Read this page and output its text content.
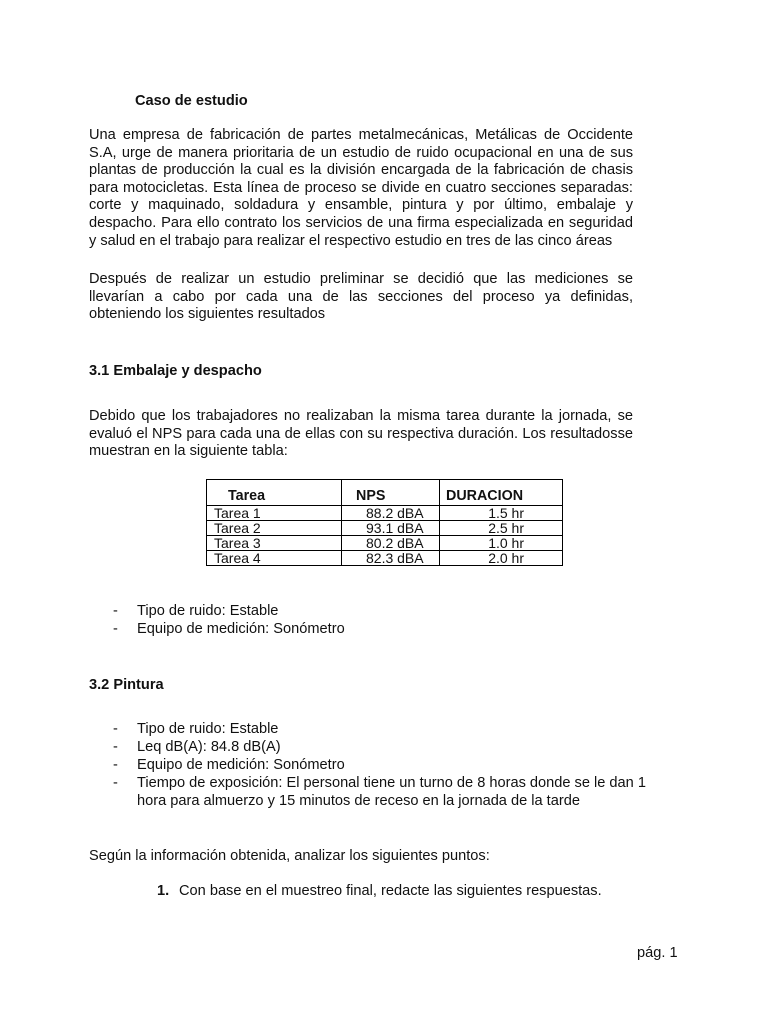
Caso de estudio
Una empresa de fabricación de partes metalmecánicas, Metálicas de Occidente S.A, urge de manera prioritaria de un estudio de ruido ocupacional en una de sus plantas de producción la cual es la división encargada de la fabricación de chasis para motocicletas. Esta línea de proceso se divide en cuatro secciones separadas: corte y maquinado, soldadura y ensamble, pintura y por último, embalaje y despacho. Para ello contrato los servicios de una firma especializada en seguridad y salud en el trabajo para realizar el respectivo estudio en tres de las cinco áreas
Después de realizar un estudio preliminar se decidió que las mediciones se llevarían a cabo por cada una de las secciones del proceso ya definidas, obteniendo los siguientes resultados
3.1 Embalaje y despacho
Debido que los trabajadores no realizaban la misma tarea durante la jornada, se evaluó el NPS para cada una de ellas con su respectiva duración. Los resultadosse muestran en la siguiente tabla:
Tarea	NPS	DURACION
Tarea 1	88.2 dBA	1.5 hr
Tarea 2	93.1 dBA	2.5 hr
Tarea 3	80.2 dBA	1.0 hr
Tarea 4	82.3 dBA	2.0 hr
- Tipo de ruido: Estable
- Equipo de medición: Sonómetro
3.2 Pintura
- Tipo de ruido: Estable
- Leq dB(A): 84.8 dB(A)
- Equipo de medición: Sonómetro
- Tiempo de exposición: El personal tiene un turno de 8 horas donde se le dan 1 hora para almuerzo y 15 minutos de receso en la jornada de la tarde
Según la información obtenida, analizar los siguientes puntos:
1. Con base en el muestreo final, redacte las siguientes respuestas.
pág. 1
